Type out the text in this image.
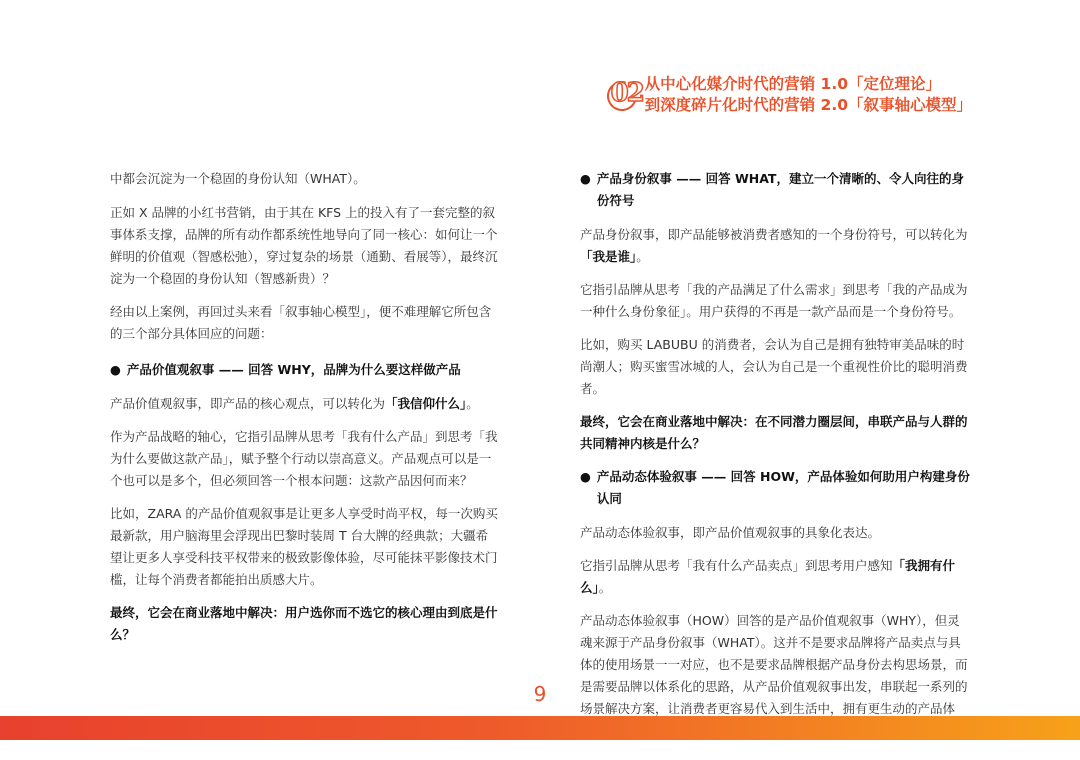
02 从中心化媒介时代的营销 1.0「定位理论」
到深度碎片化时代的营销 2.0「叙事轴心模型」

中都会沉淀为一个稳固的身份认知（WHAT）。

正如 X 品牌的小红书营销，由于其在 KFS 上的投入有了一套完整的叙事体系支撑，品牌的所有动作都系统性地导向了同一核心：如何让一个鲜明的价值观（智感松弛），穿过复杂的场景（通勤、看展等），最终沉淀为一个稳固的身份认知（智感新贵）？

经由以上案例，再回过头来看「叙事轴心模型」，便不难理解它所包含的三个部分具体回应的问题：

● 产品价值观叙事 —— 回答 WHY，品牌为什么要这样做产品

产品价值观叙事，即产品的核心观点，可以转化为「我信仰什么」。

作为产品战略的轴心，它指引品牌从思考「我有什么产品」到思考「我为什么要做这款产品」，赋予整个行动以崇高意义。产品观点可以是一个也可以是多个，但必须回答一个根本问题：这款产品因何而来？

比如，ZARA 的产品价值观叙事是让更多人享受时尚平权，每一次购买最新款，用户脑海里会浮现出巴黎时装周 T 台大牌的经典款；大疆希望让更多人享受科技平权带来的极致影像体验，尽可能抹平影像技术门槛，让每个消费者都能拍出质感大片。

最终，它会在商业落地中解决：用户选你而不选它的核心理由到底是什么？

● 产品身份叙事 —— 回答 WHAT，建立一个清晰的、令人向往的身份符号

产品身份叙事，即产品能够被消费者感知的一个身份符号，可以转化为「我是谁」。

它指引品牌从思考「我的产品满足了什么需求」到思考「我的产品成为一种什么身份象征」。用户获得的不再是一款产品而是一个身份符号。

比如，购买 LABUBU 的消费者，会认为自己是拥有独特审美品味的时尚潮人；购买蜜雪冰城的人，会认为自己是一个重视性价比的聪明消费者。

最终，它会在商业落地中解决：在不同潜力圈层间，串联产品与人群的共同精神内核是什么？

● 产品动态体验叙事 —— 回答 HOW，产品体验如何助用户构建身份认同

产品动态体验叙事，即产品价值观叙事的具象化表达。

它指引品牌从思考「我有什么产品卖点」到思考用户感知「我拥有什么」。

产品动态体验叙事（HOW）回答的是产品价值观叙事（WHY），但灵魂来源于产品身份叙事（WHAT）。这并不是要求品牌将产品卖点与具体的使用场景一一对应，也不是要求品牌根据产品身份去构思场景，而是需要品牌以体系化的思路，从产品价值观叙事出发，串联起一系列的场景解决方案，让消费者更容易代入到生活中，拥有更生动的产品体

9
